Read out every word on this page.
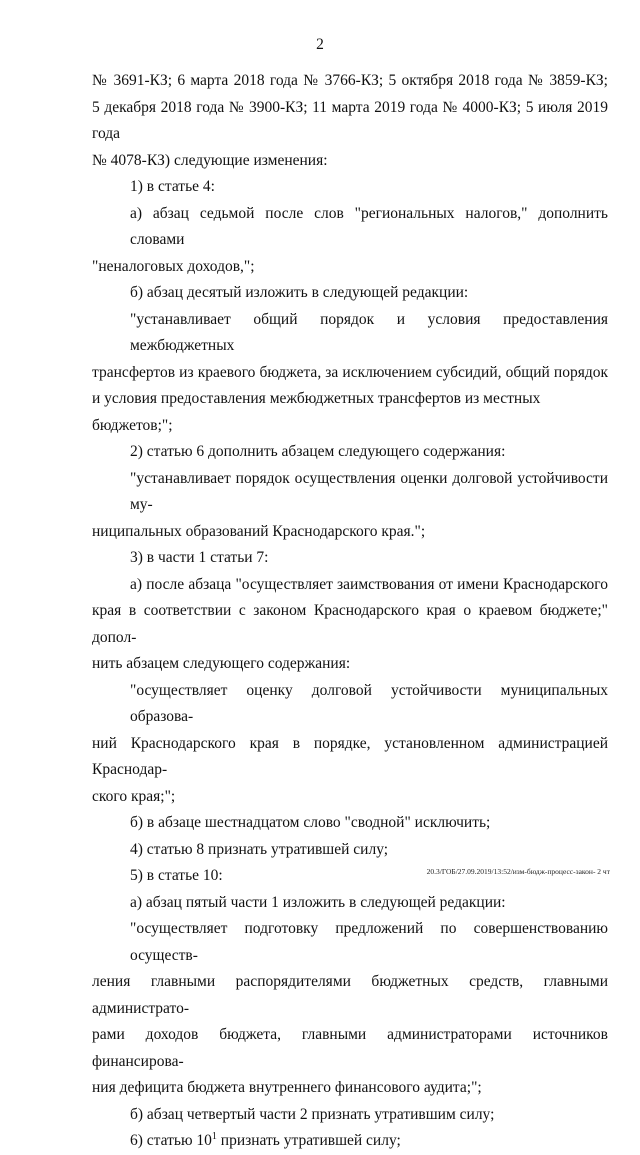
2

№ 3691-КЗ; 6 марта 2018 года № 3766-КЗ; 5 октября 2018 года № 3859-КЗ;

5 декабря 2018 года № 3900-КЗ; 11 марта 2019 года № 4000-КЗ; 5 июля 2019 года

№ 4078-КЗ) следующие изменения:

1) в статье 4:

а) абзац седьмой после слов "региональных налогов," дополнить словами

"неналоговых доходов,";

б) абзац десятый изложить в следующей редакции:

"устанавливает общий порядок и условия предоставления межбюджетных

трансфертов из краевого бюджета, за исключением субсидий, общий порядок

и условия предоставления межбюджетных трансфертов из местных бюджетов;";

2) статью 6 дополнить абзацем следующего содержания:

"устанавливает порядок осуществления оценки долговой устойчивости му-

ниципальных образований Краснодарского края.";

3) в части 1 статьи 7:

а) после абзаца "осуществляет заимствования от имени Краснодарского

края в соответствии с законом Краснодарского края о краевом бюджете;" допол-

нить абзацем следующего содержания:

"осуществляет оценку долговой устойчивости муниципальных образова-

ний Краснодарского края в порядке, установленном администрацией Краснодар-

ского края;";

б) в абзаце шестнадцатом слово "сводной" исключить;

4) статью 8 признать утратившей силу;

5) в статье 10:

а) абзац пятый части 1 изложить в следующей редакции:

"осуществляет подготовку предложений по совершенствованию осуществ-

ления главными распорядителями бюджетных средств, главными администрато-

рами доходов бюджета, главными администраторами источников финансирова-

ния дефицита бюджета внутреннего финансового аудита;";

б) абзац четвертый части 2 признать утратившим силу;

6) статью $10^1$ признать утратившей силу;

20.3/ГОБ/27.09.2019/13:52/изм-бюдж-процесс-закон- 2 чт
